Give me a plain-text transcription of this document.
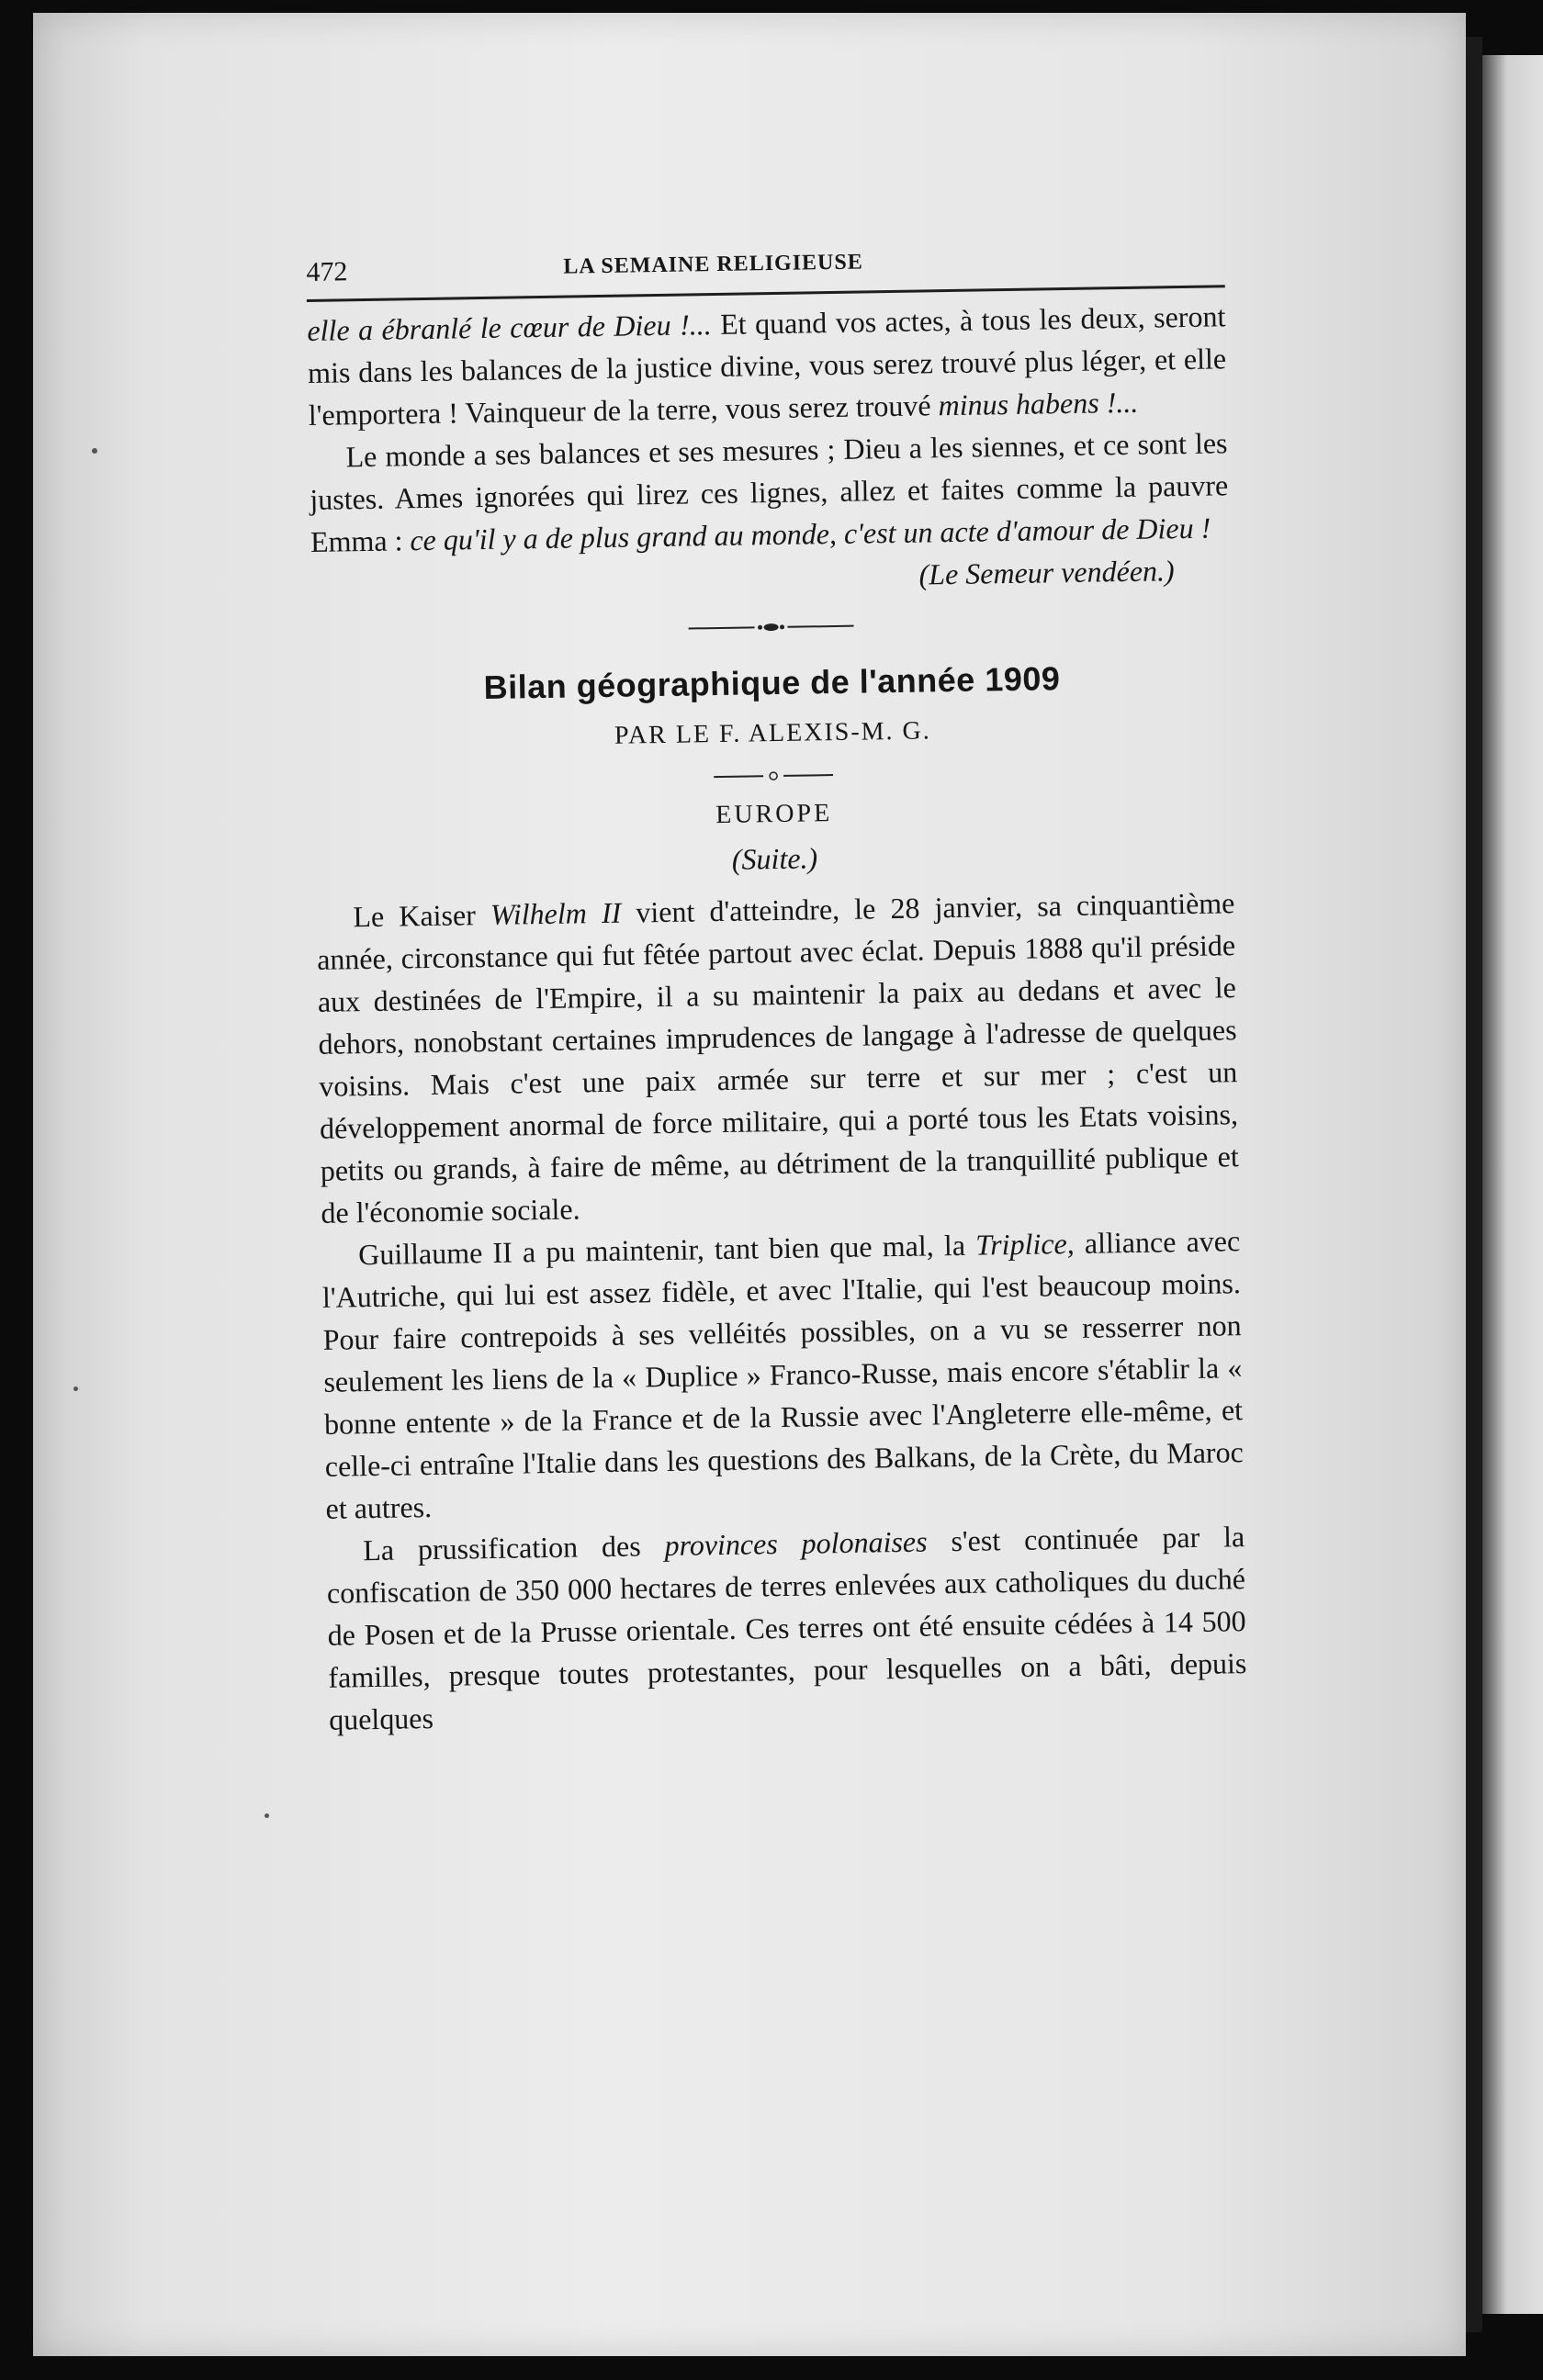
472	LA SEMAINE RELIGIEUSE

elle a ébranlé le cœur de Dieu !... Et quand vos actes, à tous les deux, seront mis dans les balances de la justice divine, vous serez trouvé plus léger, et elle l'emportera ! Vainqueur de la terre, vous serez trouvé minus habens !...

Le monde a ses balances et ses mesures ; Dieu a les siennes, et ce sont les justes. Ames ignorées qui lirez ces lignes, allez et faites comme la pauvre Emma : ce qu'il y a de plus grand au monde, c'est un acte d'amour de Dieu !

(Le Semeur vendéen.)
Bilan géographique de l'année 1909
PAR LE F. ALEXIS-M. G.
EUROPE
(Suite.)

Le Kaiser Wilhelm II vient d'atteindre, le 28 janvier, sa cinquantième année, circonstance qui fut fêtée partout avec éclat. Depuis 1888 qu'il préside aux destinées de l'Empire, il a su maintenir la paix au dedans et avec le dehors, nonobstant certaines imprudences de langage à l'adresse de quelques voisins. Mais c'est une paix armée sur terre et sur mer ; c'est un développement anormal de force militaire, qui a porté tous les Etats voisins, petits ou grands, à faire de même, au détriment de la tranquillité publique et de l'économie sociale.

Guillaume II a pu maintenir, tant bien que mal, la Triplice, alliance avec l'Autriche, qui lui est assez fidèle, et avec l'Italie, qui l'est beaucoup moins. Pour faire contrepoids à ses velléités possibles, on a vu se resserrer non seulement les liens de la « Duplice » Franco-Russe, mais encore s'établir la « bonne entente » de la France et de la Russie avec l'Angleterre elle-même, et celle-ci entraîne l'Italie dans les questions des Balkans, de la Crète, du Maroc et autres.

La prussification des provinces polonaises s'est continuée par la confiscation de 350 000 hectares de terres enlevées aux catholiques du duché de Posen et de la Prusse orientale. Ces terres ont été ensuite cédées à 14 500 familles, presque toutes protestantes, pour lesquelles on a bâti, depuis quelques
